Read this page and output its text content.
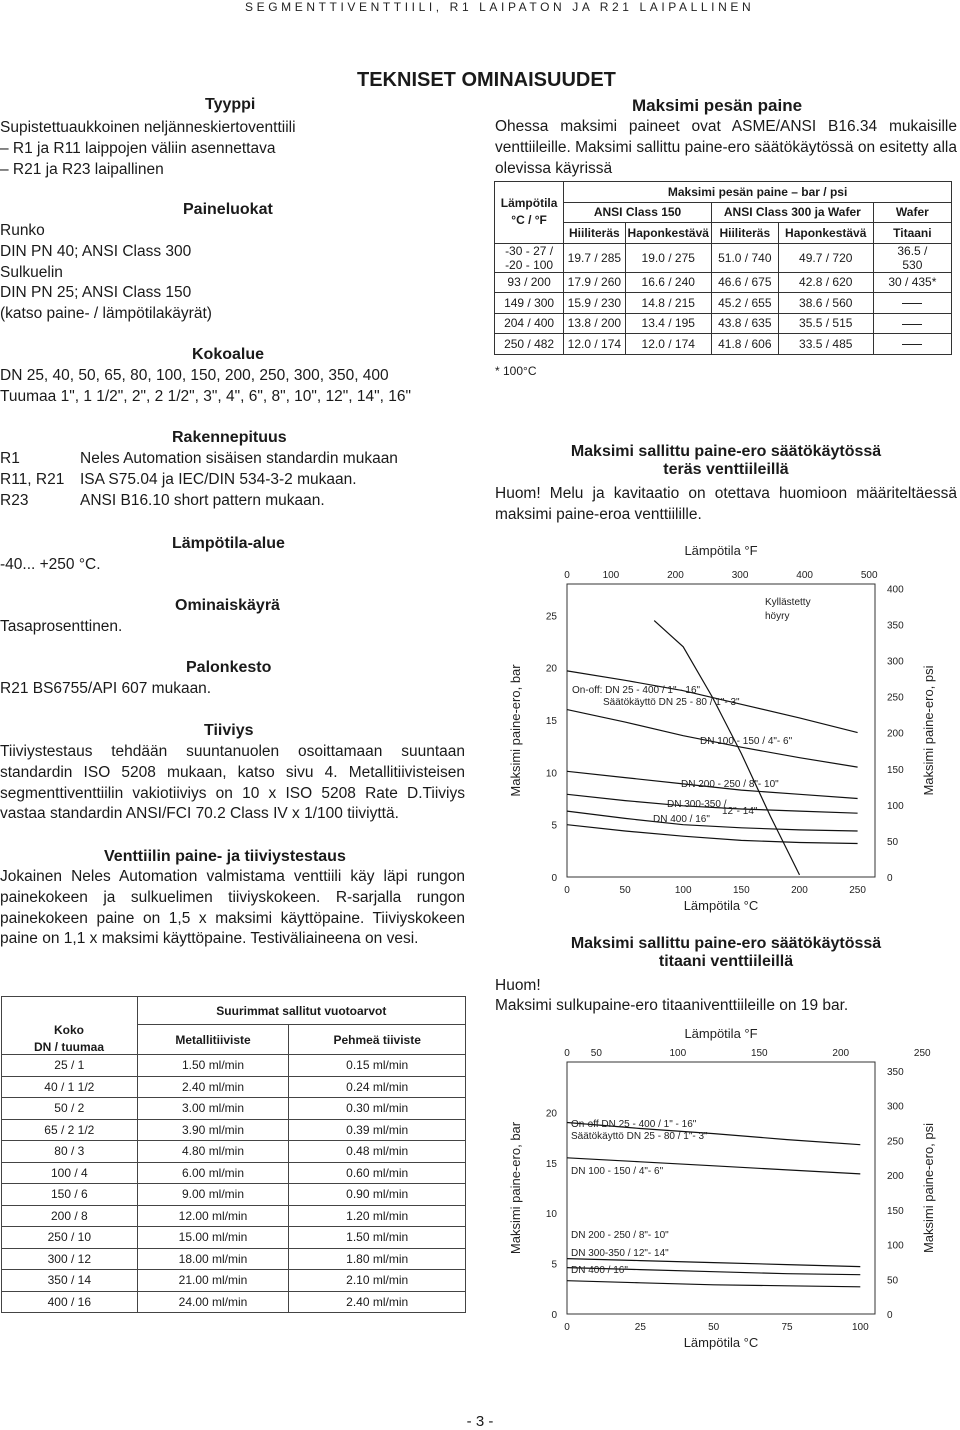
SEGMENTTIVENTTIILI, R1 LAIPATON JA R21 LAIPALLINEN
TEKNISET OMINAISUUDET
Tyyppi
Supistettuaukkoinen neljänneskiertoventtiili
– R1 ja R11 laippojen väliin asennettava
– R21 ja R23 laipallinen
Paineluokat
Runko
DIN PN 40; ANSI Class 300
Sulkuelin
DIN PN 25; ANSI Class 150
(katso paine- / lämpötilakäyrät)
Kokoalue
DN 25, 40, 50, 65, 80, 100, 150, 200, 250, 300, 350, 400
Tuumaa 1", 1 1/2", 2", 2 1/2", 3", 4", 6", 8", 10", 12", 14", 16"
Rakennepituus
R1	Neles Automation sisäisen standardin mukaan
R11, R21	ISA S75.04 ja IEC/DIN 534-3-2 mukaan.
R23	ANSI B16.10 short pattern mukaan.
Lämpötila-alue
-40... +250 °C.
Ominaiskäyrä
Tasaprosenttinen.
Palonkesto
R21 BS6755/API 607 mukaan.
Tiiviys
Tiiviystestaus tehdään suuntanuolen osoittamaan suuntaan standardin ISO 5208 mukaan, katso sivu 4. Metallitiivisteisen segmenttiventtiilin vakiotiiviys on 10 x ISO 5208 Rate D.Tiiviys vastaa standardin ANSI/FCI 70.2 Class IV x 1/100 tiiviyttä.
Venttiilin paine- ja tiiviystestaus
Jokainen Neles Automation valmistama venttiili käy läpi rungon painekokeen ja sulkuelimen tiiviyskokeen. R-sarjalla rungon painekokeen paine on 1,5 x maksimi käyttöpaine. Tiiviyskokeen paine on 1,1 x maksimi käyttöpaine. Testiväliaineena on vesi.
	Suurimmat sallitut vuotoarvot	
	Metallitiiviste	Pehmeä tiiviste
25 / 1	1.50 ml/min	0.15 ml/min
40 / 1 1/2	2.40 ml/min	0.24 ml/min
50 / 2	3.00 ml/min	0.30 ml/min
65 / 2 1/2	3.90 ml/min	0.39 ml/min
80 / 3	4.80 ml/min	0.48 ml/min
100 / 4	6.00 ml/min	0.60 ml/min
150 / 6	9.00 ml/min	0.90 ml/min
200 / 8	12.00 ml/min	1.20 ml/min
250 / 10	15.00 ml/min	1.50 ml/min
300 / 12	18.00 ml/min	1.80 ml/min
350 / 14	21.00 ml/min	2.10 ml/min
400 / 16	24.00 ml/min	2.40 ml/min
Koko
DN / tuumaa
Maksimi pesän paine
Ohessa maksimi paineet ovat ASME/ANSI B16.34 mukaisille venttiileille. Maksimi sallittu paine-ero säätökäytössä on esitetty alla olevissa käyrissä
Lämpötila
°C / °F	Maksimi pesän paine – bar / psi				
	ANSI Class 150		ANSI Class 300 ja Wafer		Wafer
	Hiiliteräs	Haponkestävä	Hiiliteräs	Haponkestävä	Titaani
-30 - 27 /
-20 - 100	19.7 / 285	19.0 / 275	51.0 / 740	49.7 / 720	36.5 /
530
93 / 200	17.9 / 260	16.6 / 240	46.6 / 675	42.8 / 620	30 / 435*
149 / 300	15.9 / 230	14.8 / 215	45.2 / 655	38.6 / 560	
204 / 400	13.8 / 200	13.4 / 195	43.8 / 635	35.5 / 515	
250 / 482	12.0 / 174	12.0 / 174	41.8 / 606	33.5 / 485	
* 100°C
Maksimi sallittu paine-ero säätökäytössä
teräs venttiileillä
Huom! Melu ja kavitaatio on otettava huomioon määriteltäessä maksimi paine-eroa venttiilille.
0	50	100	150	200	250
0	100	200	300	400	500
0
5
10
15
20
25
0
50
100
150
200
250
300
350
400
Lämpötila °C
Lämpötila °F
Maksimi paine-ero, bar	Maksimi paine-ero, psi
Kyllästetty
höyry
On-off: DN 25 - 400 / 1" - 16"
Säätökäyttö DN 25 - 80 / 1"- 3"
DN 100 - 150 / 4"- 6"
DN 200 - 250 / 8"- 10"
DN 300-350 /
12"- 14"
DN 400 / 16"
Maksimi sallittu paine-ero säätökäytössä
titaani venttiileillä
Huom!
Maksimi sulkupaine-ero titaaniventtiileille on 19 bar.
0	25	50	75	100
0 50	100	150	200	250
0
5
10
15
20
0
50
100
150
200
250
300
350
Lämpötila °C
Lämpötila °F
Maksimi paine-ero, bar	Maksimi paine-ero, psi
On-off DN 25 - 400 / 1" - 16"
Säätökäyttö DN 25 - 80 / 1"- 3"
DN 100 - 150 / 4"- 6"
DN 200 - 250 / 8"- 10"
DN 300-350 / 12"- 14"
DN 400 / 16"
- 3 -
